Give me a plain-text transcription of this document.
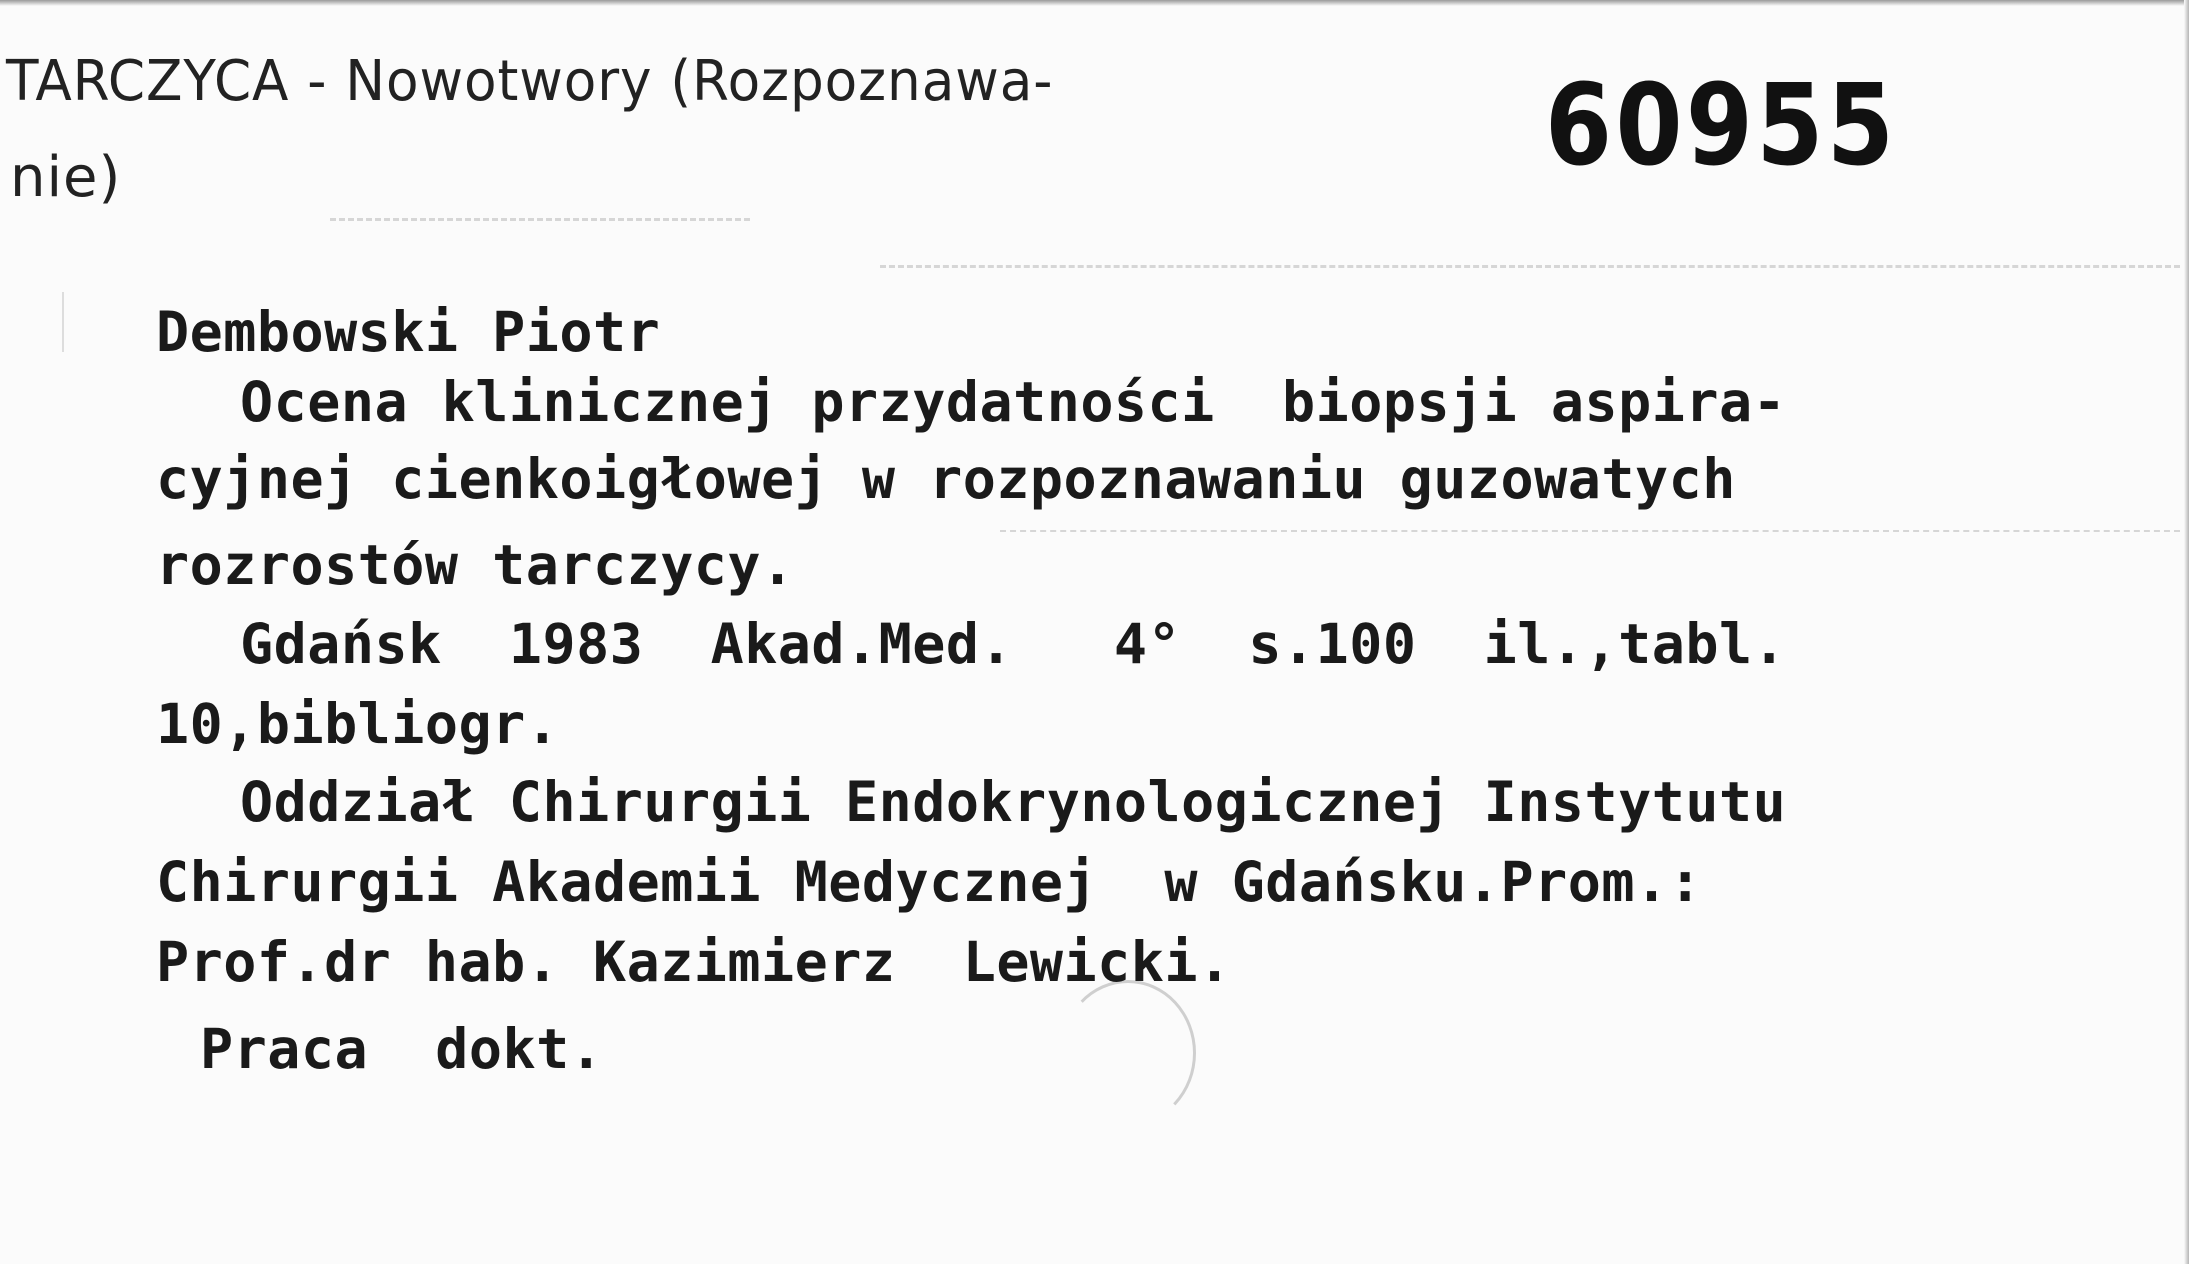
TARCZYCA - Nowotwory (Rozpoznawa-
nie)	60955
Dembowski Piotr
Ocena klinicznej przydatności  biopsji aspira-
cyjnej cienkoigłowej w rozpoznawaniu guzowatych
rozrostów tarczycy.
Gdańsk  1983  Akad.Med.   4°  s.100  il.,tabl.
10,bibliogr.
Oddział Chirurgii Endokrynologicznej Instytutu
Chirurgii Akademii Medycznej  w Gdańsku.Prom.:
Prof.dr hab. Kazimierz  Lewicki.
Praca  dokt.
